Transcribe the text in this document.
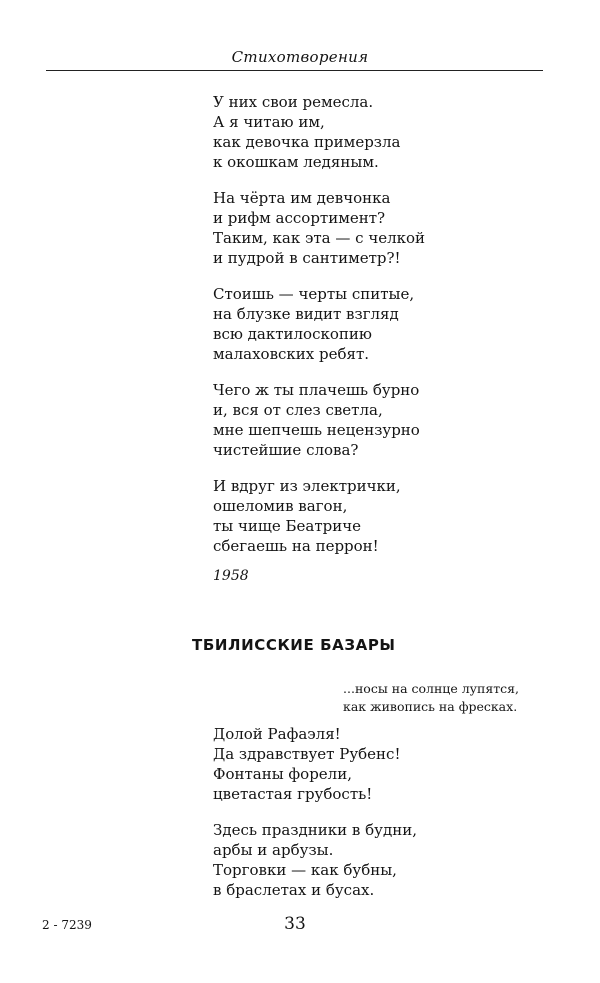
Стихотворения
У них свои ремесла.
А я читаю им,
как девочка примерзла
к окошкам ледяным.
На чёрта им девчонка
и рифм ассортимент?
Таким, как эта — с челкой
и пудрой в сантиметр?!
Стоишь — черты спитые,
на блузке видит взгляд
всю дактилоскопию
малаховских ребят.
Чего ж ты плачешь бурно
и, вся от слез светла,
мне шепчешь нецензурно
чистейшие слова?
И вдруг из электрички,
ошеломив вагон,
ты чище Беатриче
сбегаешь на перрон!
1958
ТБИЛИССКИЕ БАЗАРЫ
...носы на солнце лупятся,
как живопись на фресках.
Долой Рафаэля!
Да здравствует Рубенс!
Фонтаны форели,
цветастая грубость!
Здесь праздники в будни,
арбы и арбузы.
Торговки — как бубны,
в браслетах и бусах.
2 - 7239	33
